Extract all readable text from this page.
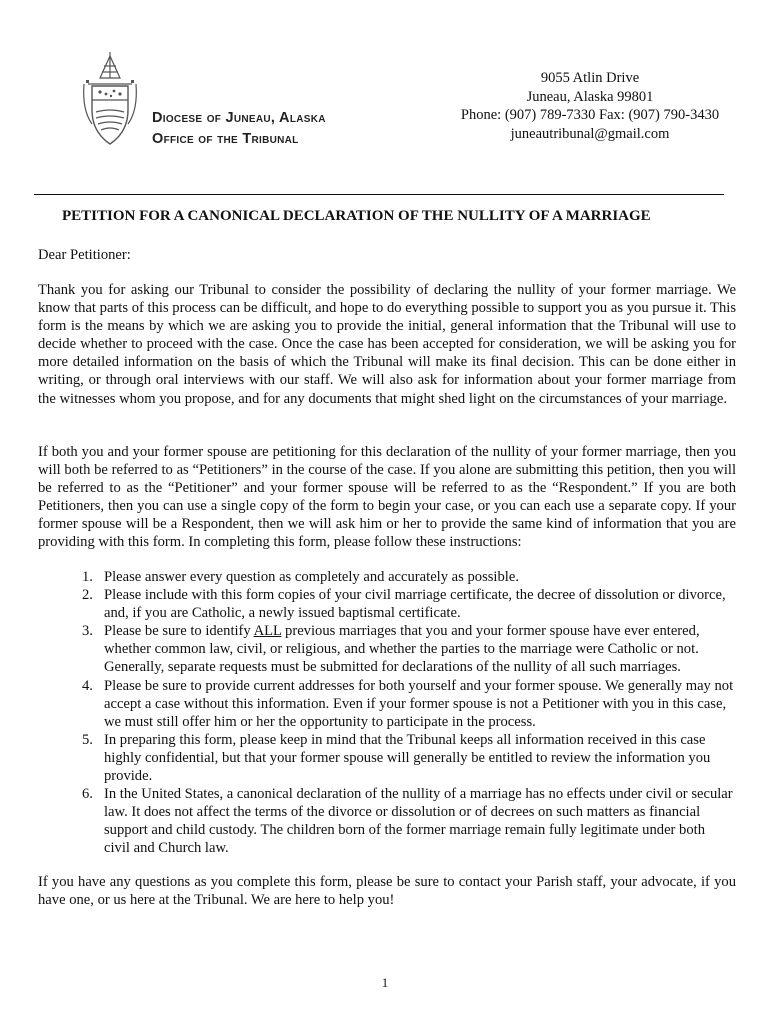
Diocese of Juneau, Alaska
Office of the Tribunal
9055 Atlin Drive
Juneau, Alaska 99801
Phone: (907) 789-7330 Fax: (907) 790-3430
juneautribunal@gmail.com
PETITION FOR A CANONICAL DECLARATION OF THE NULLITY OF A MARRIAGE
Dear Petitioner:
Thank you for asking our Tribunal to consider the possibility of declaring the nullity of your former marriage. We know that parts of this process can be difficult, and hope to do everything possible to support you as you pursue it. This form is the means by which we are asking you to provide the initial, general information that the Tribunal will use to decide whether to proceed with the case. Once the case has been accepted for consideration, we will be asking you for more detailed information on the basis of which the Tribunal will make its final decision. This can be done either in writing, or through oral interviews with our staff. We will also ask for information about your former marriage from the witnesses whom you propose, and for any documents that might shed light on the circumstances of your marriage.
If both you and your former spouse are petitioning for this declaration of the nullity of your former marriage, then you will both be referred to as “Petitioners” in the course of the case. If you alone are submitting this petition, then you will be referred to as the “Petitioner” and your former spouse will be referred to as the “Respondent.” If you are both Petitioners, then you can use a single copy of the form to begin your case, or you can each use a separate copy. If your former spouse will be a Respondent, then we will ask him or her to provide the same kind of information that you are providing with this form. In completing this form, please follow these instructions:
1. Please answer every question as completely and accurately as possible.
2. Please include with this form copies of your civil marriage certificate, the decree of dissolution or divorce, and, if you are Catholic, a newly issued baptismal certificate.
3. Please be sure to identify ALL previous marriages that you and your former spouse have ever entered, whether common law, civil, or religious, and whether the parties to the marriage were Catholic or not. Generally, separate requests must be submitted for declarations of the nullity of all such marriages.
4. Please be sure to provide current addresses for both yourself and your former spouse. We generally may not accept a case without this information. Even if your former spouse is not a Petitioner with you in this case, we must still offer him or her the opportunity to participate in the process.
5. In preparing this form, please keep in mind that the Tribunal keeps all information received in this case highly confidential, but that your former spouse will generally be entitled to review the information you provide.
6. In the United States, a canonical declaration of the nullity of a marriage has no effects under civil or secular law. It does not affect the terms of the divorce or dissolution or of decrees on such matters as financial support and child custody. The children born of the former marriage remain fully legitimate under both civil and Church law.
If you have any questions as you complete this form, please be sure to contact your Parish staff, your advocate, if you have one, or us here at the Tribunal. We are here to help you!
1
